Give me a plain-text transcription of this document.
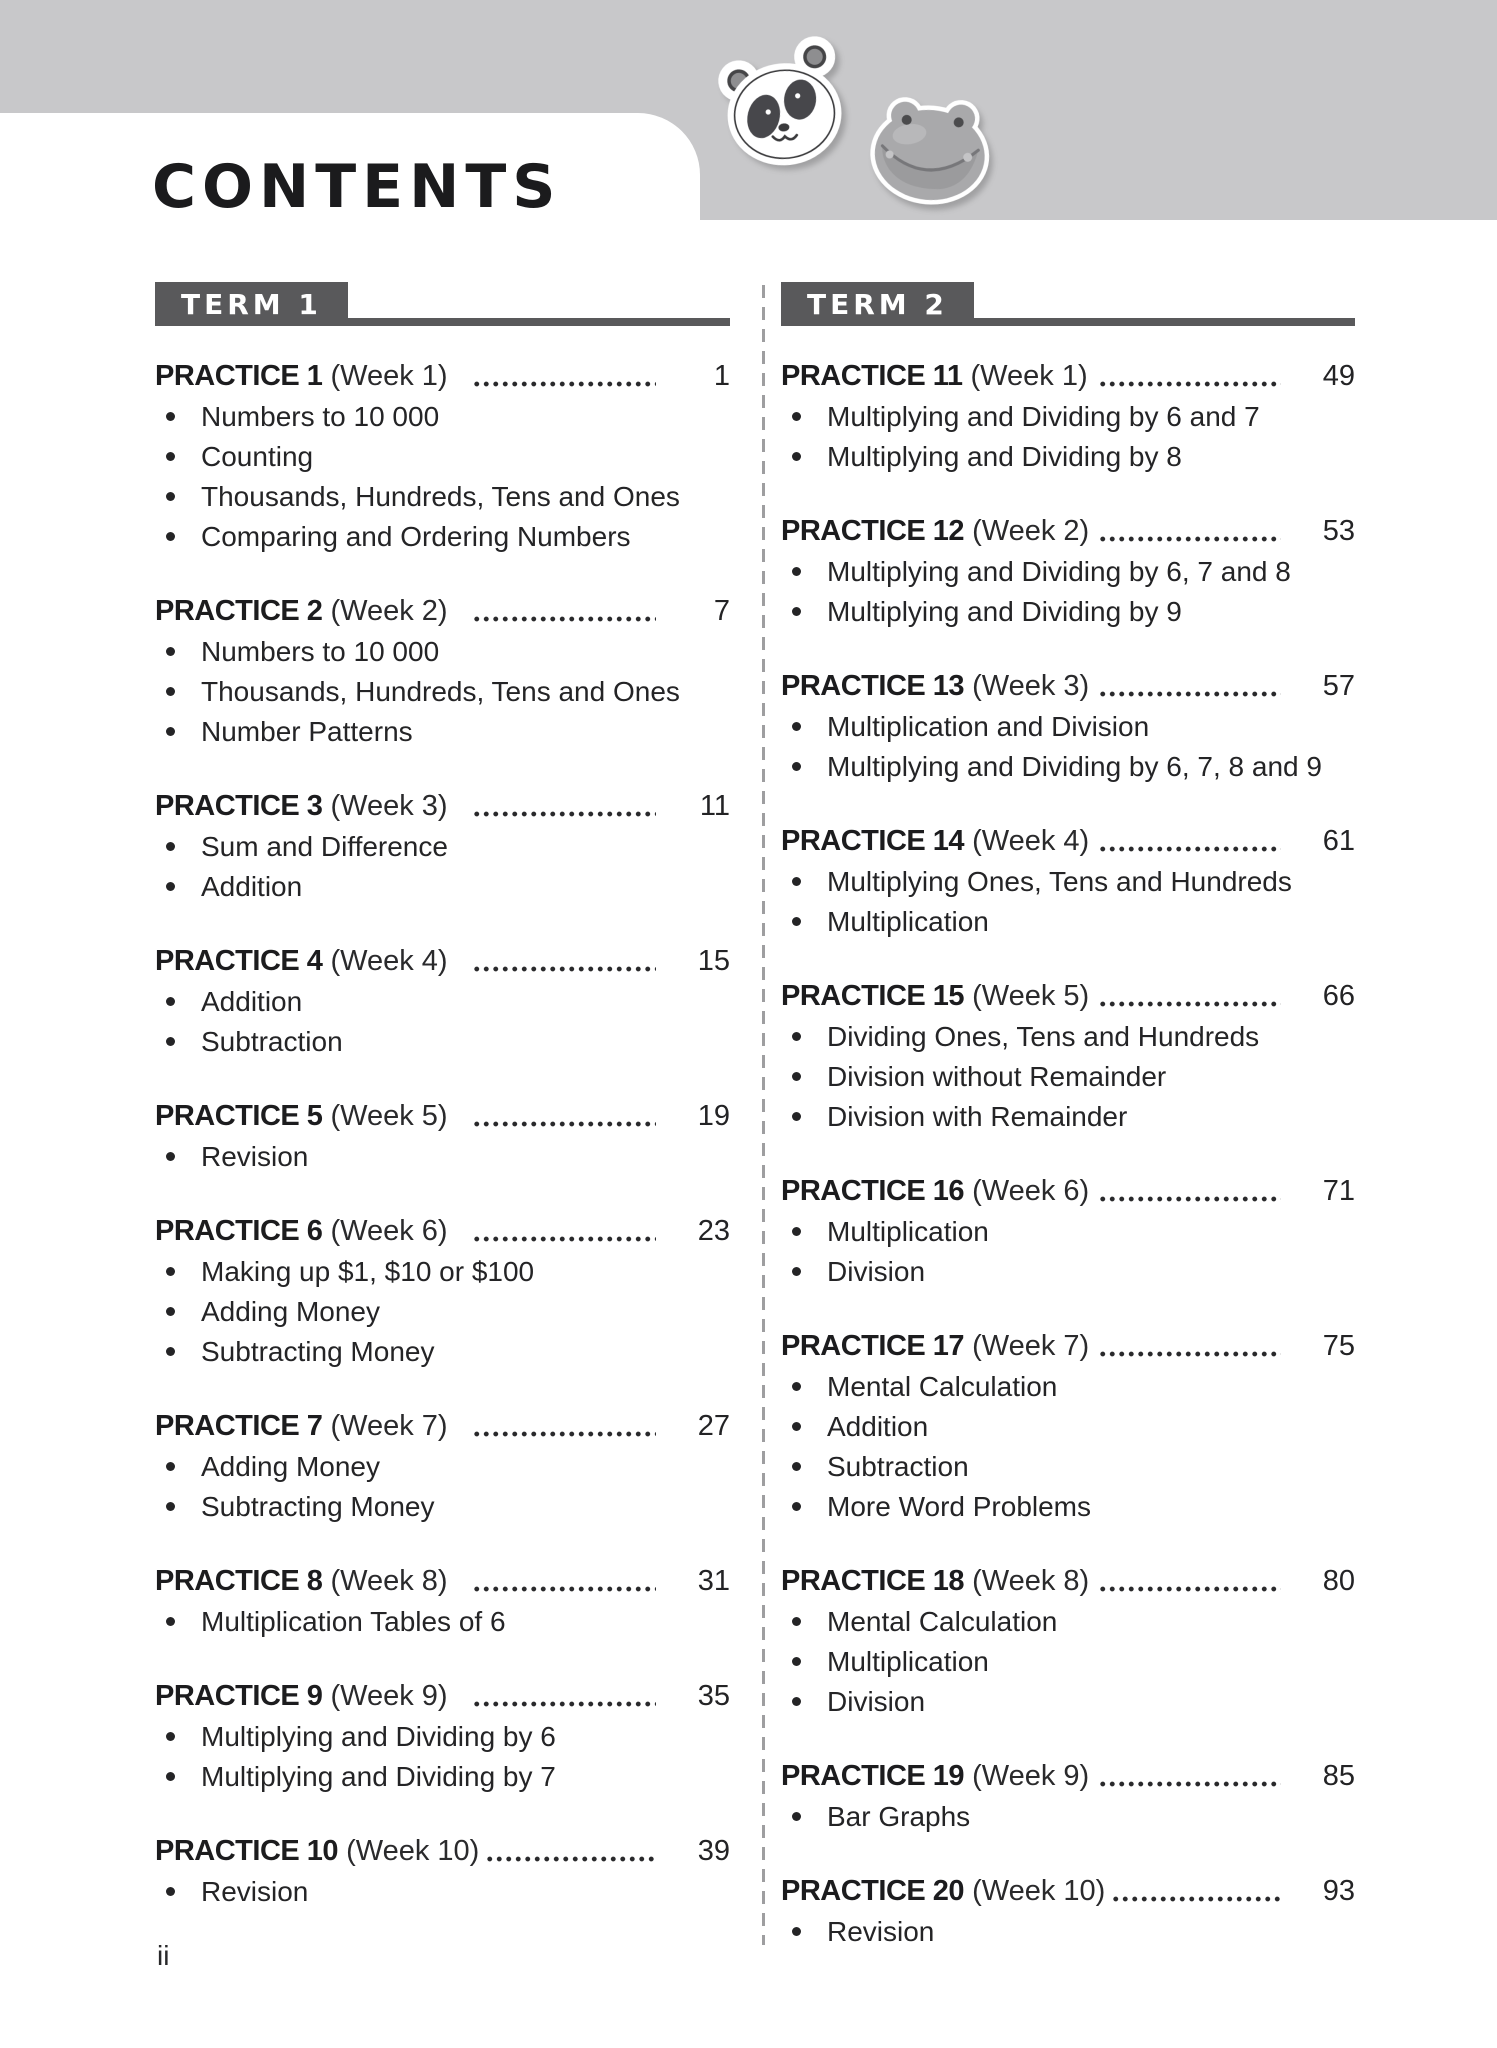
CONTENTS
TERM 1
PRACTICE 1 (Week 1)	1
Numbers to 10 000
Counting
Thousands, Hundreds, Tens and Ones
Comparing and Ordering Numbers
PRACTICE 2 (Week 2)	7
Numbers to 10 000
Thousands, Hundreds, Tens and Ones
Number Patterns
PRACTICE 3 (Week 3)	11
Sum and Difference
Addition
PRACTICE 4 (Week 4)	15
Addition
Subtraction
PRACTICE 5 (Week 5)	19
Revision
PRACTICE 6 (Week 6)	23
Making up $1, $10 or $100
Adding Money
Subtracting Money
PRACTICE 7 (Week 7)	27
Adding Money
Subtracting Money
PRACTICE 8 (Week 8)	31
Multiplication Tables of 6
PRACTICE 9 (Week 9)	35
Multiplying and Dividing by 6
Multiplying and Dividing by 7
PRACTICE 10 (Week 10)	39
Revision
TERM 2
PRACTICE 11 (Week 1)	49
Multiplying and Dividing by 6 and 7
Multiplying and Dividing by 8
PRACTICE 12 (Week 2)	53
Multiplying and Dividing by 6, 7 and 8
Multiplying and Dividing by 9
PRACTICE 13 (Week 3)	57
Multiplication and Division
Multiplying and Dividing by 6, 7, 8 and 9
PRACTICE 14 (Week 4)	61
Multiplying Ones, Tens and Hundreds
Multiplication
PRACTICE 15 (Week 5)	66
Dividing Ones, Tens and Hundreds
Division without Remainder
Division with Remainder
PRACTICE 16 (Week 6)	71
Multiplication
Division
PRACTICE 17 (Week 7)	75
Mental Calculation
Addition
Subtraction
More Word Problems
PRACTICE 18 (Week 8)	80
Mental Calculation
Multiplication
Division
PRACTICE 19 (Week 9)	85
Bar Graphs
PRACTICE 20 (Week 10)	93
Revision
ii
